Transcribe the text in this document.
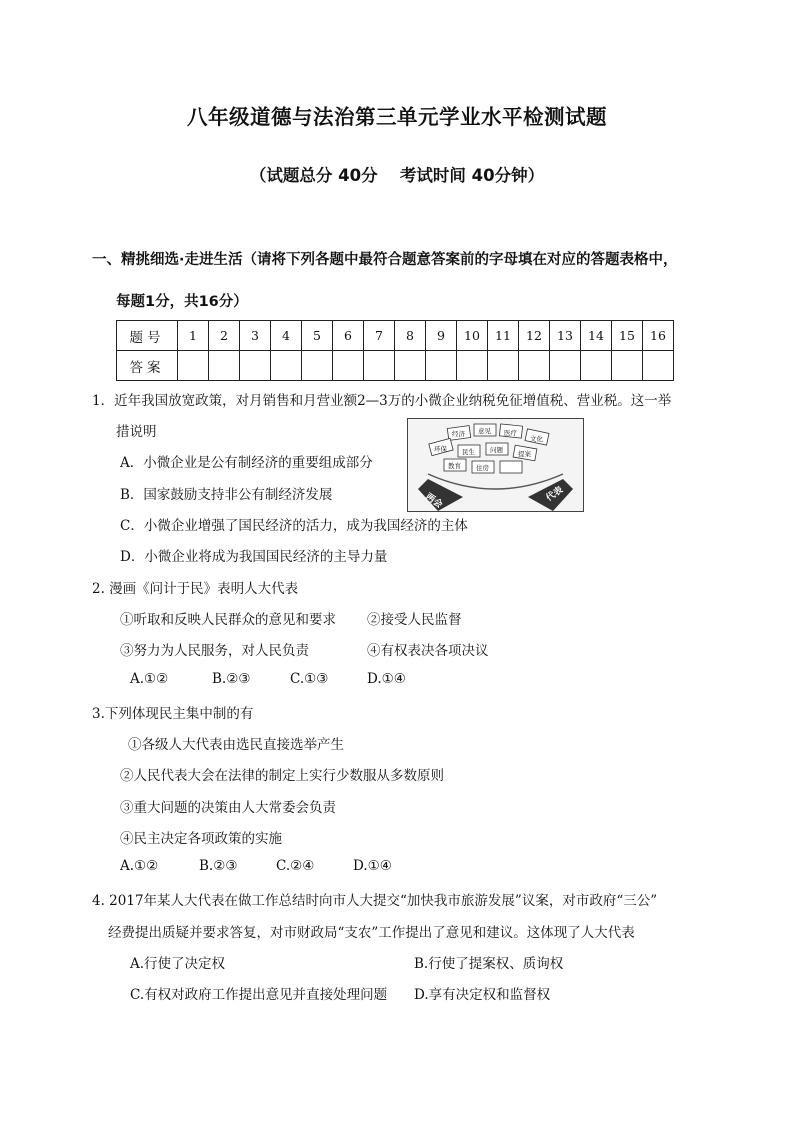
八年级道德与法治第三单元学业水平检测试题
（试题总分 40分　 考试时间 40分钟）
一、精挑细选·走进生活（请将下列各题中最符合题意答案前的字母填在对应的答题表格中，
每题1分，共16分）
题号	1	2	3	4	5	6	7	8	9	10	11	12	13	14	15	16
答案																
1．近年我国放宽政策，对月销售和月营业额2—3万的小微企业纳税免征增值税、营业税。这一举
措说明
A．小微企业是公有制经济的重要组成部分
B．国家鼓励支持非公有制经济发展
C．小微企业增强了国民经济的活力，成为我国经济的主体
D．小微企业将成为我国国民经济的主导力量
经济 意见 医疗
文化
环保 民生 问题 提案
教育 住房
两会	代表
2. 漫画《问计于民》表明人大代表
①听取和反映人民群众的意见和要求 ②接受人民监督
③努力为人民服务，对人民负责	④有权表决各项决议
A.①②	B.②③	C.①③	D.①④
3.下列体现民主集中制的有
①各级人大代表由选民直接选举产生
②人民代表大会在法律的制定上实行少数服从多数原则
③重大问题的决策由人大常委会负责
④民主决定各项政策的实施
A.①②	B.②③	C.②④	D.①④
4. 2017年某人大代表在做工作总结时向市人大提交“加快我市旅游发展”议案，对市政府“三公”
经费提出质疑并要求答复，对市财政局“支农”工作提出了意见和建议。这体现了人大代表
A.行使了决定权	B.行使了提案权、质询权
C.有权对政府工作提出意见并直接处理问题 D.享有决定权和监督权
